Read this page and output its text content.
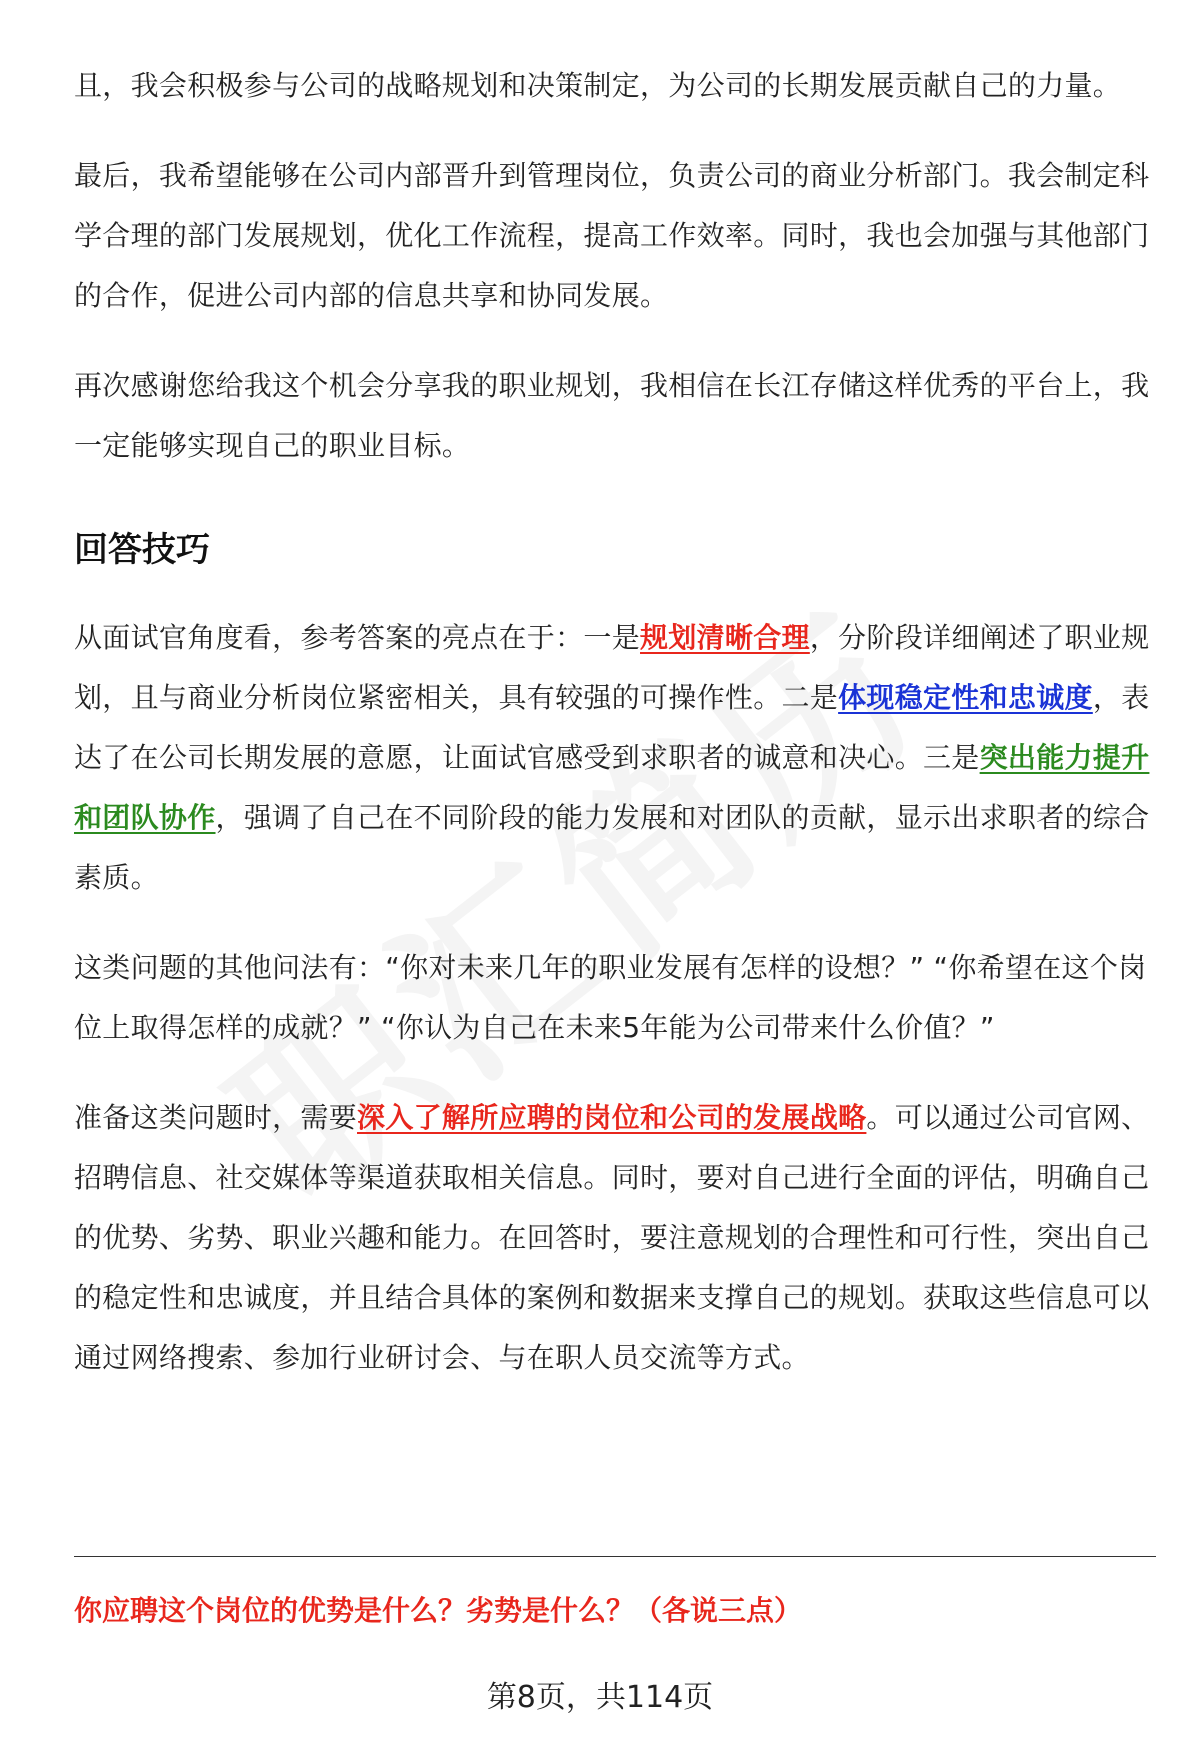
且，我会积极参与公司的战略规划和决策制定，为公司的长期发展贡献自己的力量。

最后，我希望能够在公司内部晋升到管理岗位，负责公司的商业分析部门。我会制定科学合理的部门发展规划，优化工作流程，提高工作效率。同时，我也会加强与其他部门的合作，促进公司内部的信息共享和协同发展。

再次感谢您给我这个机会分享我的职业规划，我相信在长江存储这样优秀的平台上，我一定能够实现自己的职业目标。

回答技巧

从面试官角度看，参考答案的亮点在于：一是规划清晰合理，分阶段详细阐述了职业规划，且与商业分析岗位紧密相关，具有较强的可操作性。二是体现稳定性和忠诚度，表达了在公司长期发展的意愿，让面试官感受到求职者的诚意和决心。三是突出能力提升和团队协作，强调了自己在不同阶段的能力发展和对团队的贡献，显示出求职者的综合素质。

这类问题的其他问法有：“你对未来几年的职业发展有怎样的设想？” “你希望在这个岗位上取得怎样的成就？” “你认为自己在未来5年能为公司带来什么价值？”

准备这类问题时，需要深入了解所应聘的岗位和公司的发展战略。可以通过公司官网、招聘信息、社交媒体等渠道获取相关信息。同时，要对自己进行全面的评估，明确自己的优势、劣势、职业兴趣和能力。在回答时，要注意规划的合理性和可行性，突出自己的稳定性和忠诚度，并且结合具体的案例和数据来支撑自己的规划。获取这些信息可以通过网络搜索、参加行业研讨会、与在职人员交流等方式。

你应聘这个岗位的优势是什么？劣势是什么？（各说三点）
第8页，共114页
